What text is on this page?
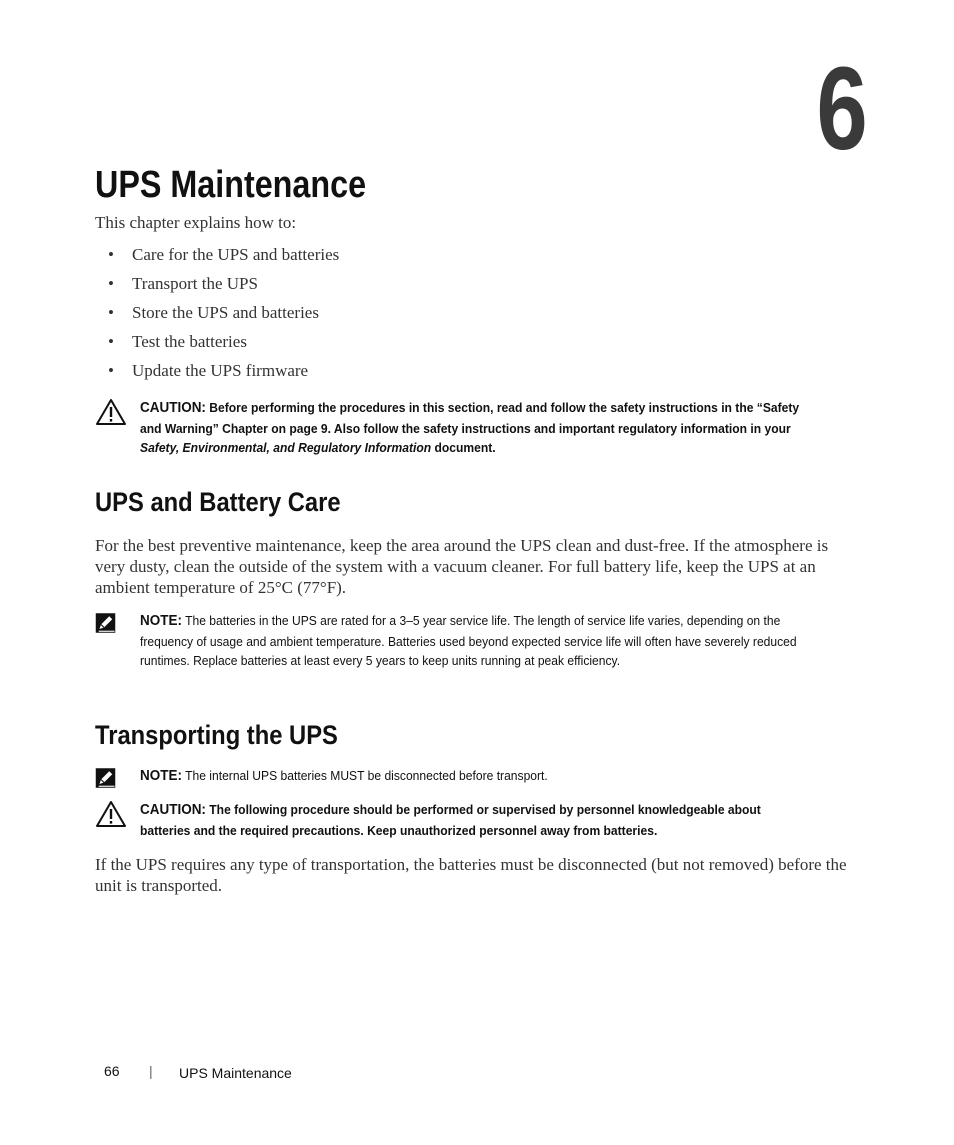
6
UPS Maintenance

This chapter explains how to:

• Care for the UPS and batteries
• Transport the UPS
• Store the UPS and batteries
• Test the batteries
• Update the UPS firmware
CAUTION: Before performing the procedures in this section, read and follow the safety instructions in the “Safety and Warning” Chapter on page 9. Also follow the safety instructions and important regulatory information in your Safety, Environmental, and Regulatory Information document.
UPS and Battery Care

For the best preventive maintenance, keep the area around the UPS clean and dust-free. If the atmosphere is very dusty, clean the outside of the system with a vacuum cleaner. For full battery life, keep the UPS at an ambient temperature of 25°C (77°F).

NOTE: The batteries in the UPS are rated for a 3–5 year service life. The length of service life varies, depending on the frequency of usage and ambient temperature. Batteries used beyond expected service life will often have severely reduced runtimes. Replace batteries at least every 5 years to keep units running at peak efficiency.
Transporting the UPS
NOTE: The internal UPS batteries MUST be disconnected before transport.
CAUTION: The following procedure should be performed or supervised by personnel knowledgeable about batteries and the required precautions. Keep unauthorized personnel away from batteries.

If the UPS requires any type of transportation, the batteries must be disconnected (but not removed) before the unit is transported.

66 | UPS Maintenance
